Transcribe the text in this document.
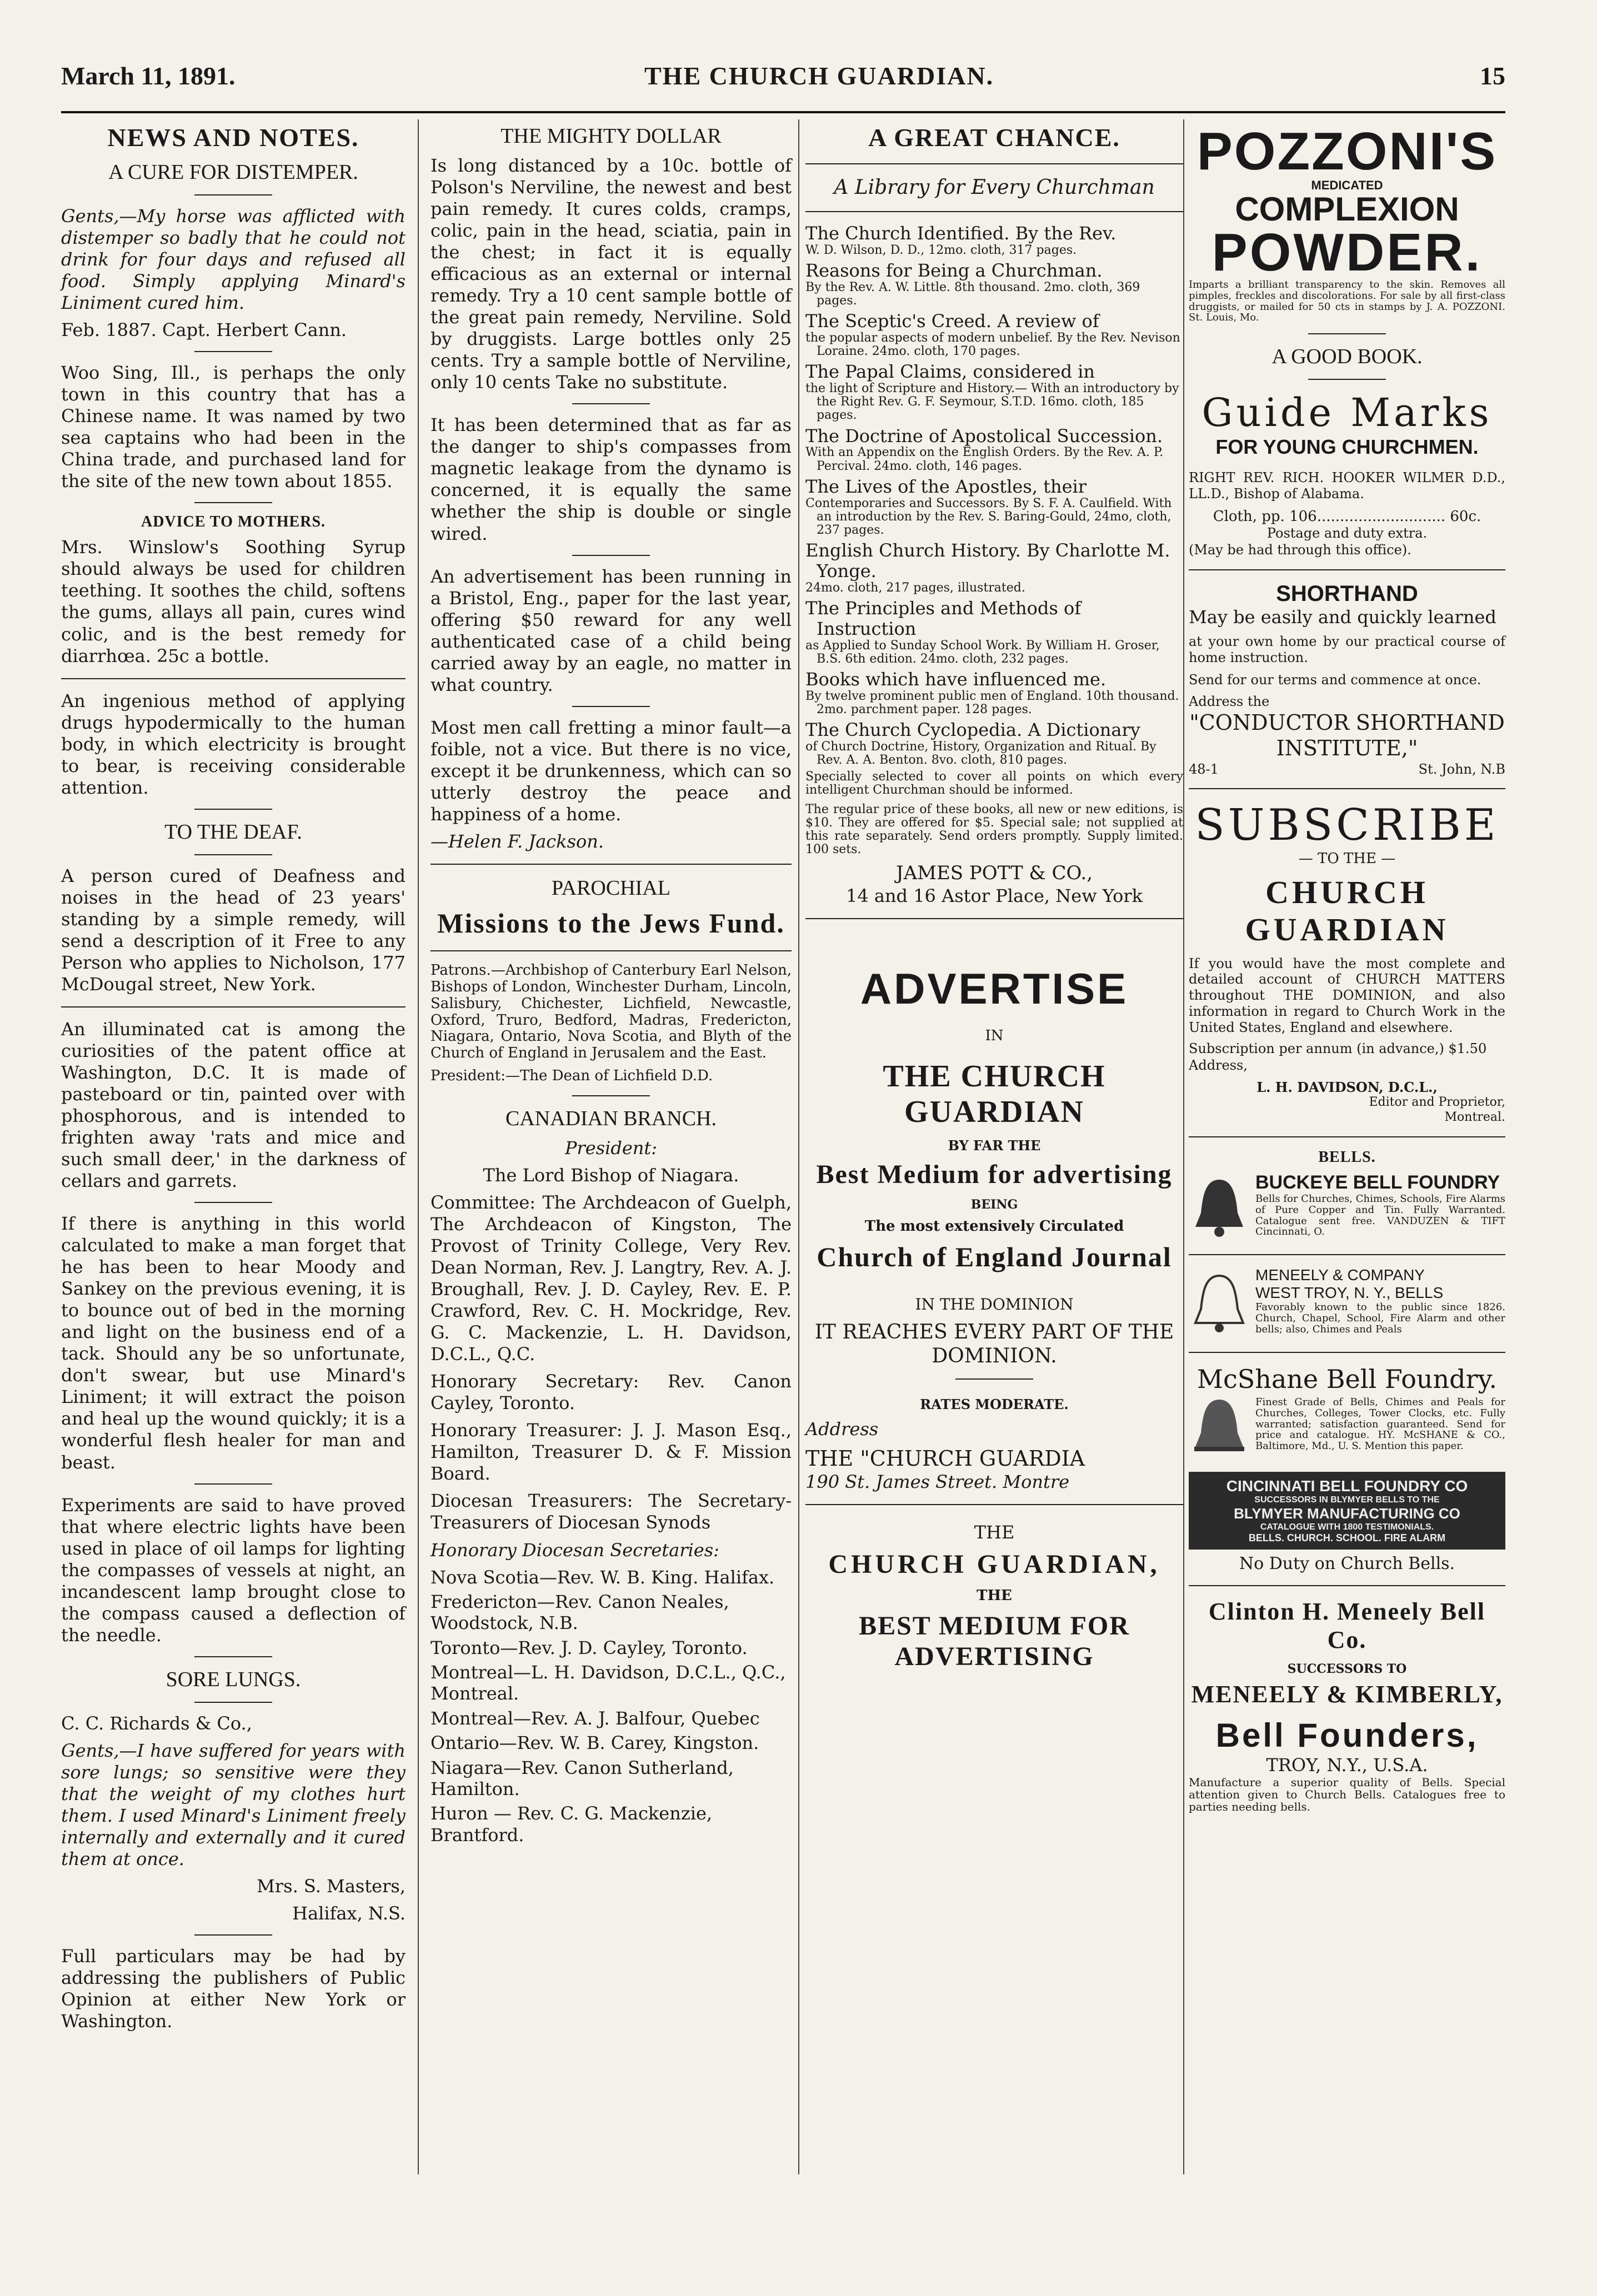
March 11, 1891.	THE CHURCH GUARDIAN.	15
NEWS AND NOTES.
A CURE FOR DISTEMPER.

Gents,—My horse was afflicted with distemper so badly that he could not drink for four days and refused all food. Simply applying Minard's Liniment cured him.

Feb. 1887. Capt. Herbert Cann.

Woo Sing, Ill., is perhaps the only town in this country that has a Chinese name. It was named by two sea captains who had been in the China trade, and purchased land for the site of the new town about 1855.

ADVICE TO MOTHERS.

Mrs. Winslow's Soothing Syrup should always be used for children teething. It soothes the child, softens the gums, allays all pain, cures wind colic, and is the best remedy for diarrhœa. 25c a bottle.

An ingenious method of applying drugs hypodermically to the human body, in which electricity is brought to bear, is receiving considerable attention.

TO THE DEAF.

A person cured of Deafness and noises in the head of 23 years' standing by a simple remedy, will send a description of it Free to any Person who applies to Nicholson, 177 McDougal street, New York.

An illuminated cat is among the curiosities of the patent office at Washington, D.C. It is made of pasteboard or tin, painted over with phosphorous, and is intended to frighten away 'rats and mice and such small deer,' in the darkness of cellars and garrets.

If there is anything in this world calculated to make a man forget that he has been to hear Moody and Sankey on the previous evening, it is to bounce out of bed in the morning and light on the business end of a tack. Should any be so unfortunate, don't swear, but use Minard's Liniment; it will extract the poison and heal up the wound quickly; it is a wonderful flesh healer for man and beast.

Experiments are said to have proved that where electric lights have been used in place of oil lamps for lighting the compasses of vessels at night, an incandescent lamp brought close to the compass caused a deflection of the needle.

SORE LUNGS.

C. C. Richards & Co.,

Gents,—I have suffered for years with sore lungs; so sensitive were they that the weight of my clothes hurt them. I used Minard's Liniment freely internally and externally and it cured them at once.

Mrs. S. Masters,

Halifax, N.S.

Full particulars may be had by addressing the publishers of Public Opinion at either New York or Washington.

THE MIGHTY DOLLAR

Is long distanced by a 10c. bottle of Polson's Nerviline, the newest and best pain remedy. It cures colds, cramps, colic, pain in the head, sciatia, pain in the chest; in fact it is equally efficacious as an external or internal remedy. Try a 10 cent sample bottle of the great pain remedy, Nerviline. Sold by druggists. Large bottles only 25 cents. Try a sample bottle of Nerviline, only 10 cents Take no substitute.

It has been determined that as far as the danger to ship's compasses from magnetic leakage from the dynamo is concerned, it is equally the same whether the ship is double or single wired.

An advertisement has been running in a Bristol, Eng., paper for the last year, offering $50 reward for any well authenticated case of a child being carried away by an eagle, no matter in what country.

Most men call fretting a minor fault—a foible, not a vice. But there is no vice, except it be drunkenness, which can so utterly destroy the peace and happiness of a home.

—Helen F. Jackson.

PAROCHIAL
Missions to the Jews Fund.

Patrons.—Archbishop of Canterbury Earl Nelson, Bishops of London, Winchester Durham, Lincoln, Salisbury, Chichester, Lichfield, Newcastle, Oxford, Truro, Bedford, Madras, Fredericton, Niagara, Ontario, Nova Scotia, and Blyth of the Church of England in Jerusalem and the East.

President:—The Dean of Lichfield D.D.

CANADIAN BRANCH.

President:

The Lord Bishop of Niagara.

Committee: The Archdeacon of Guelph, The Archdeacon of Kingston, The Provost of Trinity College, Very Rev. Dean Norman, Rev. J. Langtry, Rev. A. J. Broughall, Rev. J. D. Cayley, Rev. E. P. Crawford, Rev. C. H. Mockridge, Rev. G. C. Mackenzie, L. H. Davidson, D.C.L., Q.C.

Honorary Secretary: Rev. Canon Cayley, Toronto.

Honorary Treasurer: J. J. Mason Esq., Hamilton, Treasurer D. & F. Mission Board.

Diocesan Treasurers: The Secretary-Treasurers of Diocesan Synods

Honorary Diocesan Secretaries:

Nova Scotia—Rev. W. B. King. Halifax.
Fredericton—Rev. Canon Neales, Woodstock, N.B.
Toronto—Rev. J. D. Cayley, Toronto.
Montreal—L. H. Davidson, D.C.L., Q.C., Montreal.
Montreal—Rev. A. J. Balfour, Quebec
Ontario—Rev. W. B. Carey, Kingston.
Niagara—Rev. Canon Sutherland, Hamilton.
Huron — Rev. C. G. Mackenzie, Brantford.
A GREAT CHANCE.

A Library for Every Churchman

The Church Identified. By the Rev.
W. D. Wilson, D. D., 12mo. cloth, 317 pages.
Reasons for Being a Churchman.
By the Rev. A. W. Little. 8th thousand. 2mo. cloth, 369 pages.
The Sceptic's Creed. A review of
the popular aspects of modern unbelief. By the Rev. Nevison Loraine. 24mo. cloth, 170 pages.
The Papal Claims, considered in
the light of Scripture and History.— With an introductory by the Right Rev. G. F. Seymour, S.T.D. 16mo. cloth, 185 pages.
The Doctrine of Apostolical Succession.
With an Appendix on the English Orders. By the Rev. A. P. Percival. 24mo. cloth, 146 pages.
The Lives of the Apostles, their
Contemporaries and Successors. By S. F. A. Caulfield. With an introduction by the Rev. S. Baring-Gould, 24mo, cloth, 237 pages.
English Church History. By Charlotte M. Yonge.
24mo. cloth, 217 pages, illustrated.
The Principles and Methods of Instruction
as Applied to Sunday School Work. By William H. Groser, B.S. 6th edition. 24mo. cloth, 232 pages.
Books which have influenced me.
By twelve prominent public men of England. 10th thousand. 2mo. parchment paper. 128 pages.
The Church Cyclopedia. A Dictionary
of Church Doctrine, History, Organization and Ritual. By Rev. A. A. Benton. 8vo. cloth, 810 pages.

Specially selected to cover all points on which every intelligent Churchman should be informed.

The regular price of these books, all new or new editions, is $10. They are offered for $5. Special sale; not supplied at this rate separately. Send orders promptly. Supply limited. 100 sets.

JAMES POTT & CO.,

14 and 16 Astor Place, New York

ADVERTISE

IN

THE CHURCH GUARDIAN

BY FAR THE

Best Medium for advertising

BEING

The most extensively Circulated

Church of England Journal

IN THE DOMINION

IT REACHES EVERY PART OF THE DOMINION.

RATES MODERATE.

Address

THE "CHURCH GUARDIA

190 St. James Street. Montre

THE

CHURCH GUARDIAN,

THE

BEST MEDIUM FOR ADVERTISING
POZZONI'S
MEDICATED
COMPLEXION
POWDER.

Imparts a brilliant transparency to the skin. Removes all pimples, freckles and discolorations. For sale by all first-class druggists, or mailed for 50 cts in stamps by J. A. POZZONI. St. Louis, Mo.

A GOOD BOOK.
Guide Marks
FOR YOUNG CHURCHMEN.

RIGHT REV. RICH. HOOKER WILMER D.D., LL.D., Bishop of Alabama.

Cloth, pp. 106............................ 60c.

Postage and duty extra.

(May be had through this office).

SHORTHAND

May be easily and quickly learned

at your own home by our practical course of home instruction.

Send for our terms and commence at once.

Address the

"CONDUCTOR SHORTHAND INSTITUTE,"

48-1	St. John, N.B
SUBSCRIBE

— TO THE —

CHURCH GUARDIAN

If you would have the most complete and detailed account of CHURCH MATTERS throughout THE DOMINION, and also information in regard to Church Work in the United States, England and elsewhere.

Subscription per annum (in advance,) $1.50

Address,

L. H. DAVIDSON, D.C.L.,

Editor and Proprietor,

Montreal.

BELLS.
BUCKEYE BELL FOUNDRY

Bells for Churches, Chimes, Schools, Fire Alarms of Pure Copper and Tin. Fully Warranted. Catalogue sent free. VANDUZEN & TIFT Cincinnati, O.

MENEELY & COMPANY
WEST TROY, N. Y., BELLS

Favorably known to the public since 1826. Church, Chapel, School, Fire Alarm and other bells; also, Chimes and Peals

McShane Bell Foundry.

Finest Grade of Bells, Chimes and Peals for Churches, Colleges, Tower Clocks, etc. Fully warranted; satisfaction guaranteed. Send for price and catalogue. HY. McSHANE & CO., Baltimore, Md., U. S. Mention this paper.

CINCINNATI BELL FOUNDRY CO
SUCCESSORS IN BLYMYER BELLS TO THE
BLYMYER MANUFACTURING CO
CATALOGUE WITH 1800 TESTIMONIALS.
BELLS. CHURCH. SCHOOL. FIRE ALARM

No Duty on Church Bells.

Clinton H. Meneely Bell Co.

SUCCESSORS TO

MENEELY & KIMBERLY,
Bell Founders,

TROY, N.Y., U.S.A.

Manufacture a superior quality of Bells. Special attention given to Church Bells. Catalogues free to parties needing bells.
